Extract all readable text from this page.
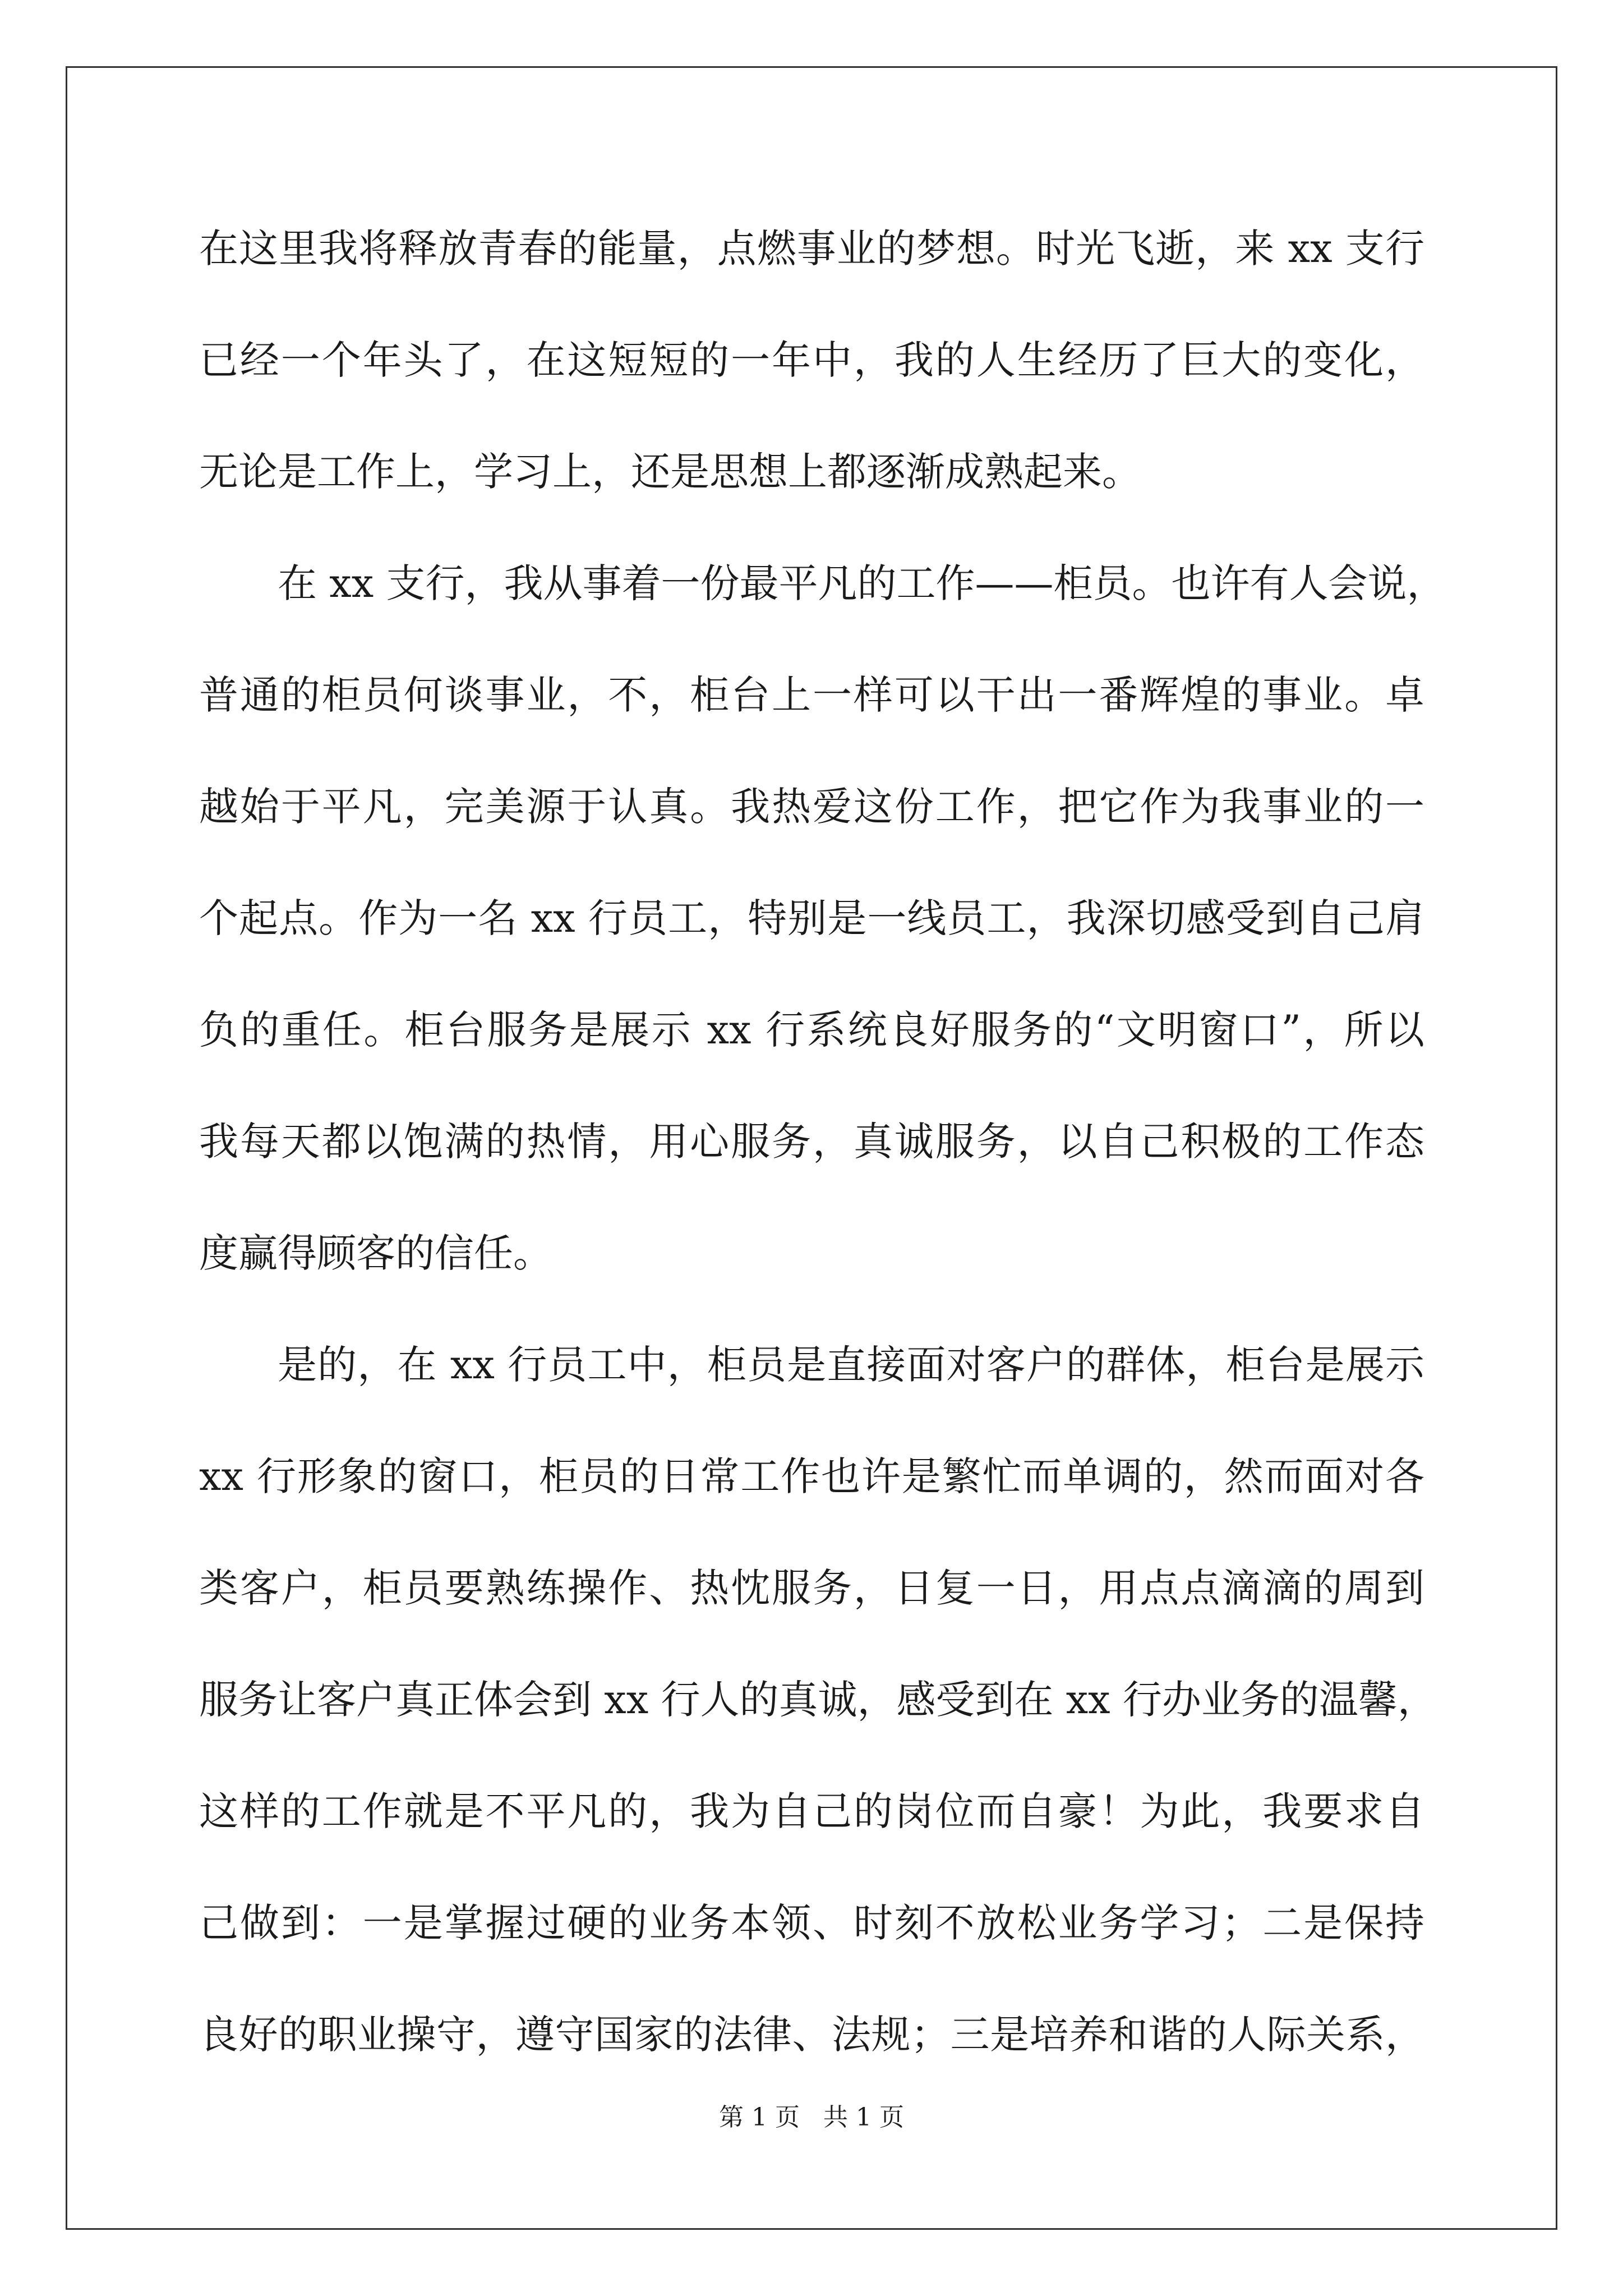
在这里我将释放青春的能量，点燃事业的梦想。时光飞逝，来 xx 支行
已经一个年头了，在这短短的一年中，我的人生经历了巨大的变化，
无论是工作上，学习上，还是思想上都逐渐成熟起来。
在 xx 支行，我从事着一份最平凡的工作——柜员。也许有人会说，
普通的柜员何谈事业，不，柜台上一样可以干出一番辉煌的事业。卓
越始于平凡，完美源于认真。我热爱这份工作，把它作为我事业的一
个起点。作为一名 xx 行员工，特别是一线员工，我深切感受到自己肩
负的重任。柜台服务是展示 xx 行系统良好服务的“文明窗口”，所以
我每天都以饱满的热情，用心服务，真诚服务，以自己积极的工作态
度赢得顾客的信任。
是的，在 xx 行员工中，柜员是直接面对客户的群体，柜台是展示
xx 行形象的窗口，柜员的日常工作也许是繁忙而单调的，然而面对各
类客户，柜员要熟练操作、热忱服务，日复一日，用点点滴滴的周到
服务让客户真正体会到 xx 行人的真诚，感受到在 xx 行办业务的温馨，
这样的工作就是不平凡的，我为自己的岗位而自豪！为此，我要求自
己做到：一是掌握过硬的业务本领、时刻不放松业务学习；二是保持
良好的职业操守，遵守国家的法律、法规；三是培养和谐的人际关系，
第 1 页   共 1 页
